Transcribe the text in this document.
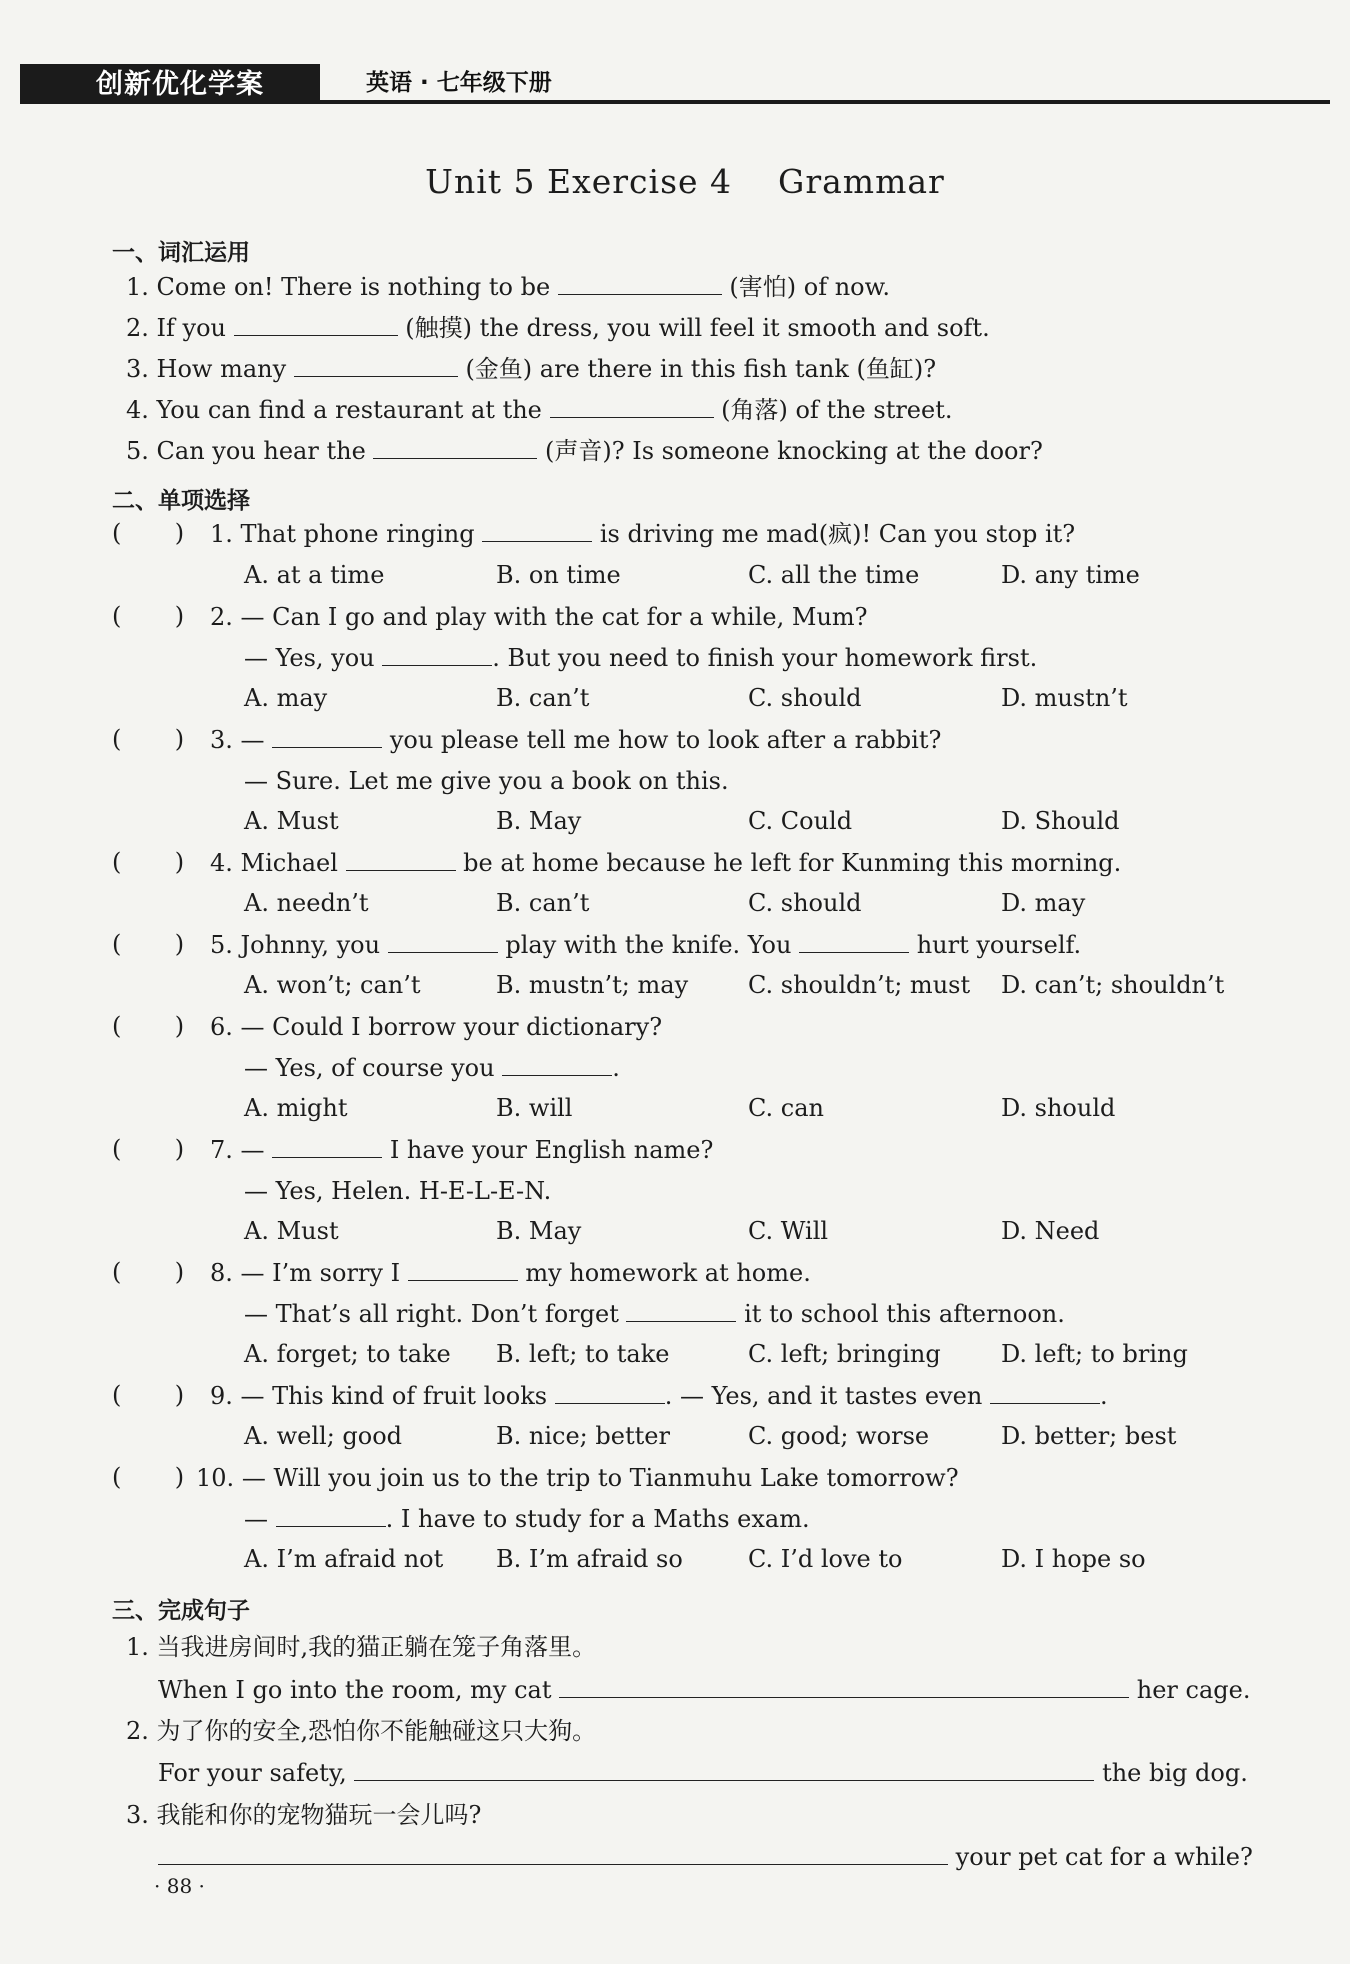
创新优化学案	英语 · 七年级下册
Unit 5 Exercise 4    Grammar
一、词汇运用
1. Come on! There is nothing to be	(害怕) of now.
2. If you	(触摸) the dress, you will feel it smooth and soft.
3. How many	(金鱼) are there in this fish tank (鱼缸)?
4. You can find a restaurant at the	(角落) of the street.
5. Can you hear the	(声音)? Is someone knocking at the door?
二、单项选择
(       ) 1. That phone ringing	is driving me mad(疯)! Can you stop it?
A. at a time	B. on time	C. all the time	D. any time
(       ) 2. — Can I go and play with the cat for a while, Mum?
— Yes, you	. But you need to finish your homework first.
A. may	B. can’t	C. should	D. mustn’t
(       ) 3. —	you please tell me how to look after a rabbit?
— Sure. Let me give you a book on this.
A. Must	B. May	C. Could	D. Should
(       ) 4. Michael	be at home because he left for Kunming this morning.
A. needn’t	B. can’t	C. should	D. may
(       ) 5. Johnny, you	play with the knife. You	hurt yourself.
A. won’t; can’t	B. mustn’t; may C. shouldn’t; must D. can’t; shouldn’t
(       ) 6. — Could I borrow your dictionary?
— Yes, of course you	.
A. might	B. will	C. can	D. should
(       ) 7. —	I have your English name?
— Yes, Helen. H-E-L-E-N.
A. Must	B. May	C. Will	D. Need
(       ) 8. — I’m sorry I	my homework at home.
— That’s all right. Don’t forget	it to school this afternoon.
A. forget; to take B. left; to take	C. left; bringing	D. left; to bring
(       ) 9. — This kind of fruit looks	. — Yes, and it tastes even	.
A. well; good	B. nice; better	C. good; worse	D. better; best
(       ) 10. — Will you join us to the trip to Tianmuhu Lake tomorrow?
—	. I have to study for a Maths exam.
A. I’m afraid not B. I’m afraid so	C. I’d love to	D. I hope so
三、完成句子
1. 当我进房间时,我的猫正躺在笼子角落里。
When I go into the room, my cat	her cage.
2. 为了你的安全,恐怕你不能触碰这只大狗。
For your safety,	the big dog.
3. 我能和你的宠物猫玩一会儿吗?
your pet cat for a while?
· 88 ·
